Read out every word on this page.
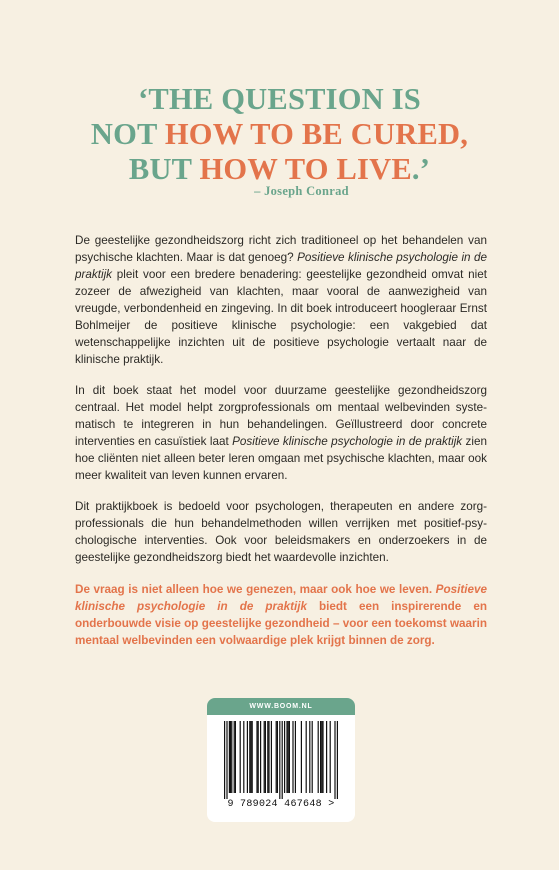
‘THE QUESTION IS
NOT HOW TO BE CURED,
BUT HOW TO LIVE.’
– Joseph Conrad

De geestelijke gezondheidszorg richt zich traditioneel op het behandelen van psychische klachten. Maar is dat genoeg? Positieve klinische psychologie in de praktijk pleit voor een bredere benadering: geestelijke gezondheid omvat niet zozeer de afwezigheid van klachten, maar vooral de aanwezigheid van vreugde, verbondenheid en zingeving. In dit boek introduceert hoogleraar Ernst Bohlmeijer de positieve klinische psychologie: een vakgebied dat wetenschappelijke inzichten uit de positieve psychologie vertaalt naar de klinische praktijk.

In dit boek staat het model voor duurzame geestelijke gezondheidszorg centraal. Het model helpt zorgprofessionals om mentaal welbevinden systematisch te integreren in hun behandelingen. Geïllustreerd door concrete interventies en casuïstiek laat Positieve klinische psychologie in de praktijk zien hoe cliënten niet alleen beter leren omgaan met psychische klachten, maar ook meer kwaliteit van leven kunnen ervaren.

Dit praktijkboek is bedoeld voor psychologen, therapeuten en andere zorgprofessionals die hun behandelmethoden willen verrijken met positief-psychologische interventies. Ook voor beleidsmakers en onderzoekers in de geestelijke gezondheidszorg biedt het waardevolle inzichten.

De vraag is niet alleen hoe we genezen, maar ook hoe we leven. Positieve klinische psychologie in de praktijk biedt een inspirerende en onderbouwde visie op geestelijke gezondheid – voor een toekomst waarin mentaal welbevinden een volwaardige plek krijgt binnen de zorg.

WWW.BOOM.NL
9 789024 467648 >
